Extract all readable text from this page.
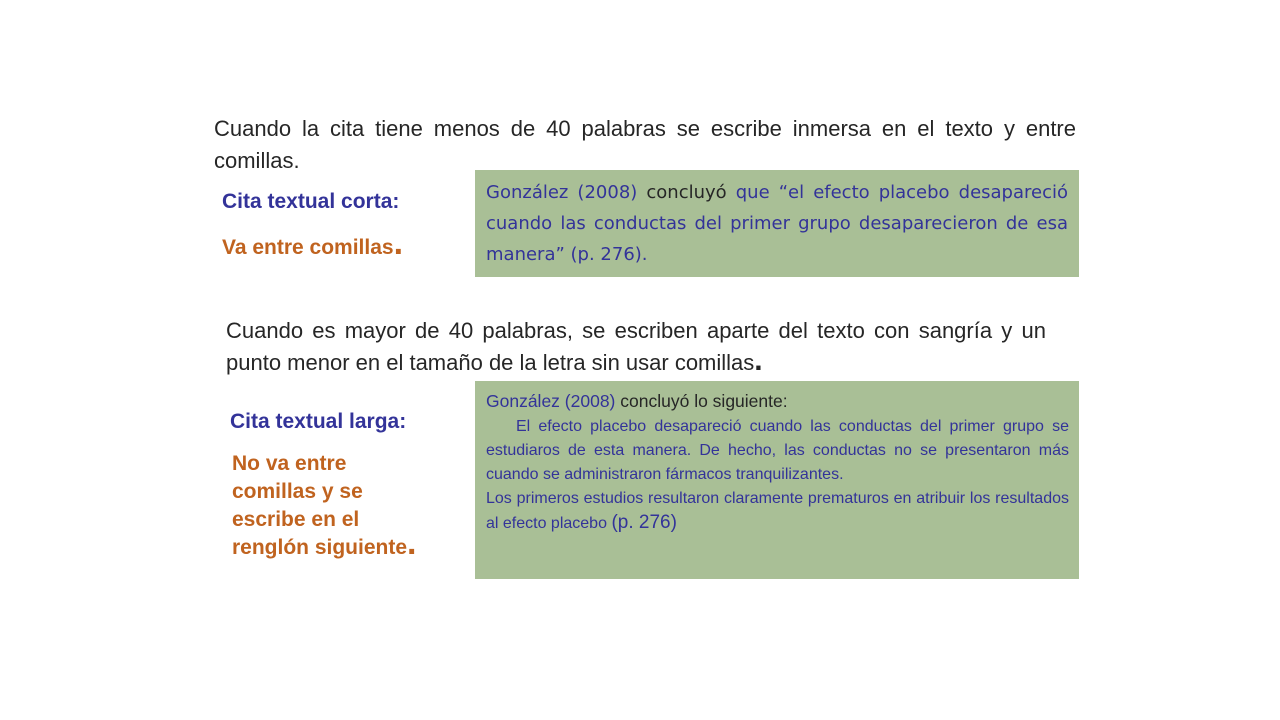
Cuando la cita tiene menos de 40 palabras se escribe inmersa en el texto y entre comillas.
Cita textual corta:
Va entre comillas.
González (2008) concluyó que “el efecto placebo desapareció cuando las conductas del primer grupo desaparecieron de esa manera” (p. 276).
Cuando es mayor de 40 palabras, se escriben aparte del texto con sangría y un punto menor en el tamaño de la letra sin usar comillas.
Cita textual larga:
No va entre comillas y se escribe en el renglón siguiente.
González (2008) concluyó lo siguiente:

El efecto placebo desapareció cuando las conductas del primer grupo se estudiaros de esta manera. De hecho, las conductas no se presentaron más cuando se administraron fármacos tranquilizantes.

Los primeros estudios resultaron claramente prematuros en atribuir los resultados al efecto placebo (p. 276)
